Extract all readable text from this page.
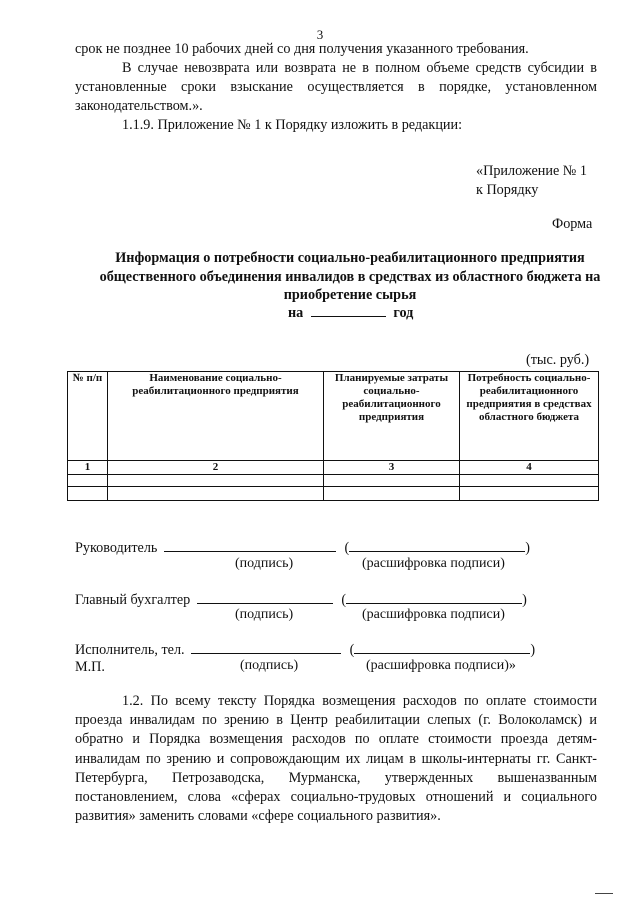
3
срок не позднее 10 рабочих дней со дня получения указанного требования.
В случае невозврата или возврата не в полном объеме средств субсидии в установленные сроки взыскание осуществляется в порядке, установленном законодательством.».
1.1.9. Приложение № 1 к Порядку изложить в редакции:
«Приложение № 1
к Порядку
Форма
Информация о потребности социально-реабилитационного предприятия общественного объединения инвалидов в средствах из областного бюджета на приобретение сырья
на	год
(тыс. руб.)
№ п/п	Наименование социально-реабилитационного предприятия	Планируемые затраты социально-реабилитационного предприятия	Потребность социально-реабилитационного предприятия в средствах областного бюджета
1	2	3	4

Руководитель	(	)
(подпись)	(расшифровка подписи)
Главный бухгалтер	(	)
(подпись)	(расшифровка подписи)
Исполнитель, тел.	(	)
М.П.	(подпись)	(расшифровка подписи)»
1.2. По всему тексту Порядка возмещения расходов по оплате стоимости проезда инвалидам по зрению в Центр реабилитации слепых (г. Волоколамск) и обратно и Порядка возмещения расходов по оплате стоимости проезда детям-инвалидам по зрению и сопровождающим их лицам в школы-интернаты гг. Санкт-Петербурга, Петрозаводска, Мурманска, утвержденных вышеназванным постановлением, слова «сферах социально-трудовых отношений и социального развития» заменить словами «сфере социального развития».
